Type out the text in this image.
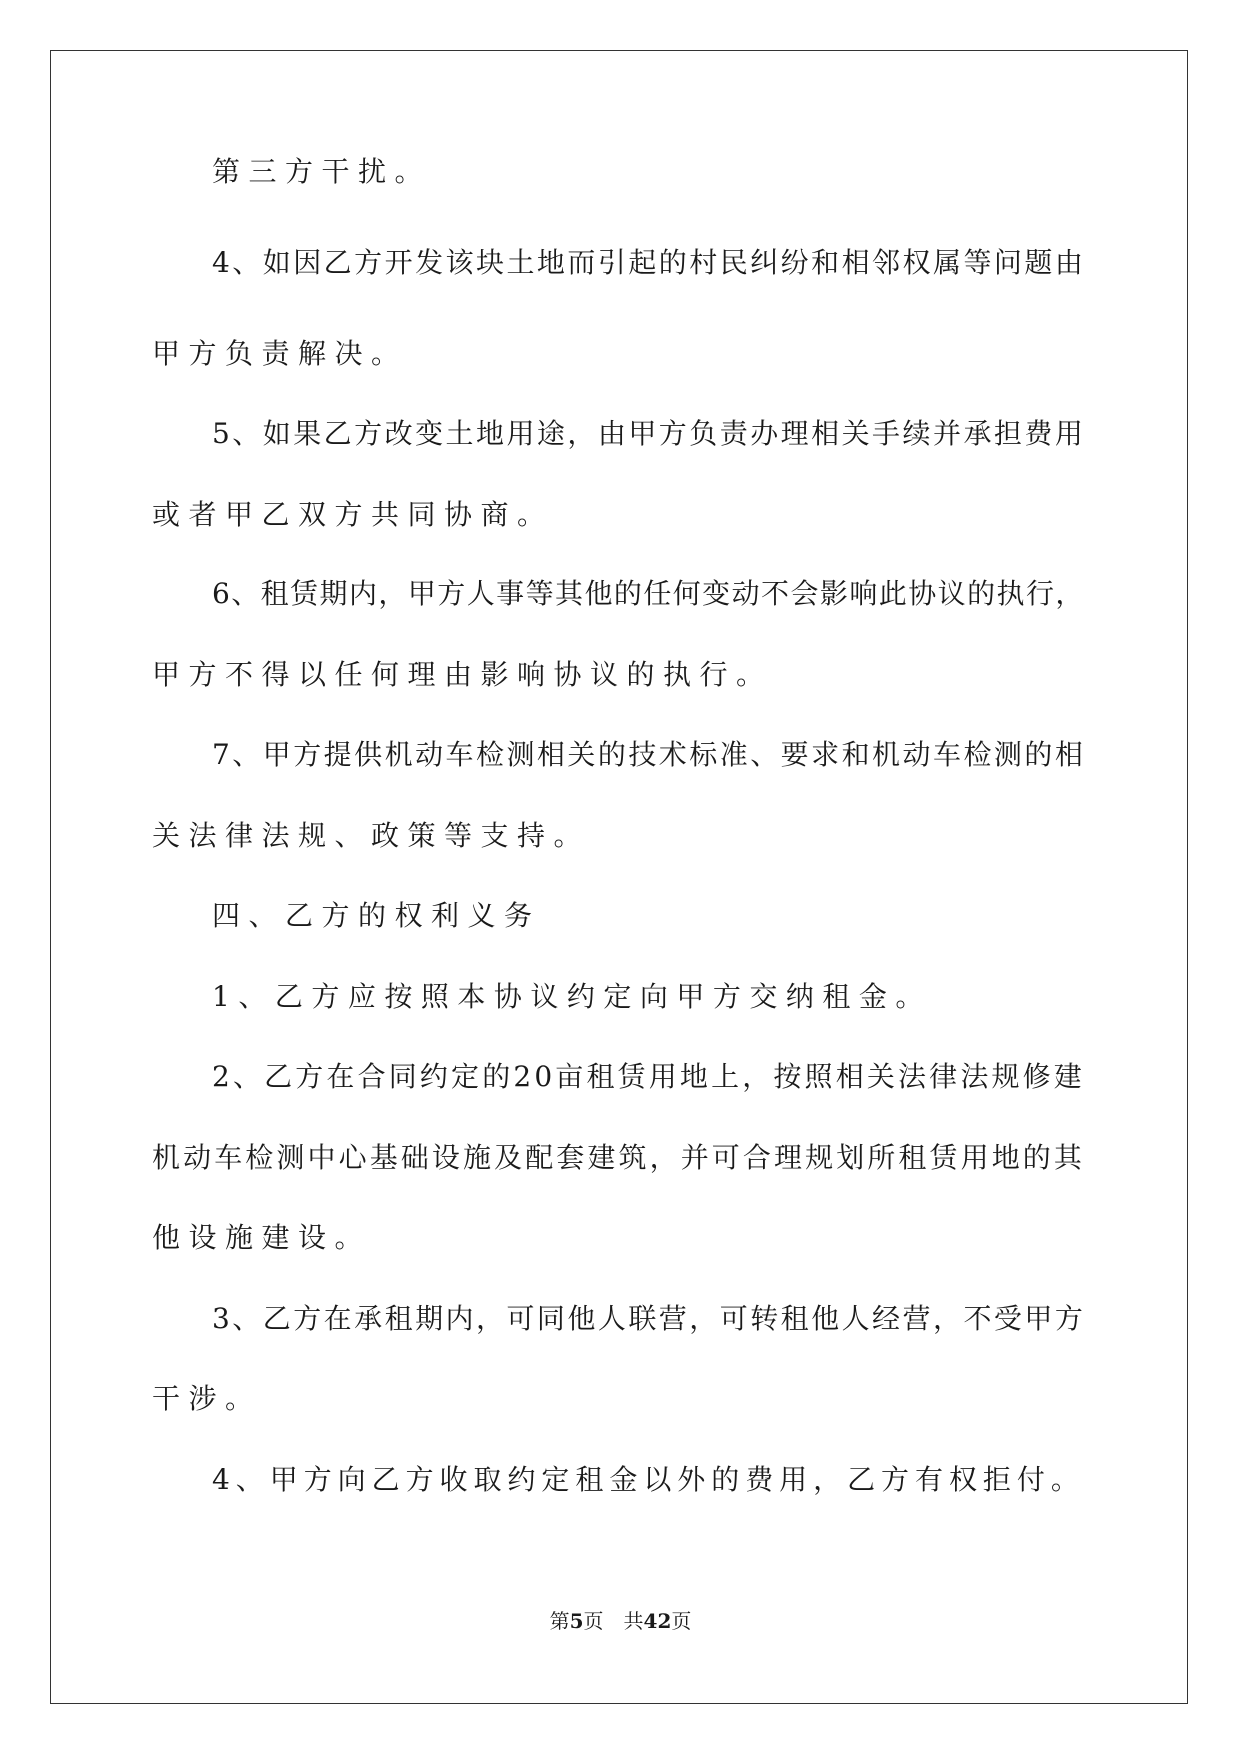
第三方干扰。
4、如因乙方开发该块土地而引起的村民纠纷和相邻权属等问题由
甲方负责解决。
5、如果乙方改变土地用途，由甲方负责办理相关手续并承担费用
或者甲乙双方共同协商。
6、租赁期内，甲方人事等其他的任何变动不会影响此协议的执行，
甲方不得以任何理由影响协议的执行。
7、甲方提供机动车检测相关的技术标准、要求和机动车检测的相
关法律法规、政策等支持。
四、乙方的权利义务
1、乙方应按照本协议约定向甲方交纳租金。
2、乙方在合同约定的20亩租赁用地上，按照相关法律法规修建
机动车检测中心基础设施及配套建筑，并可合理规划所租赁用地的其
他设施建设。
3、乙方在承租期内，可同他人联营，可转租他人经营，不受甲方
干涉。
4、甲方向乙方收取约定租金以外的费用，乙方有权拒付。
第5页 共42页
